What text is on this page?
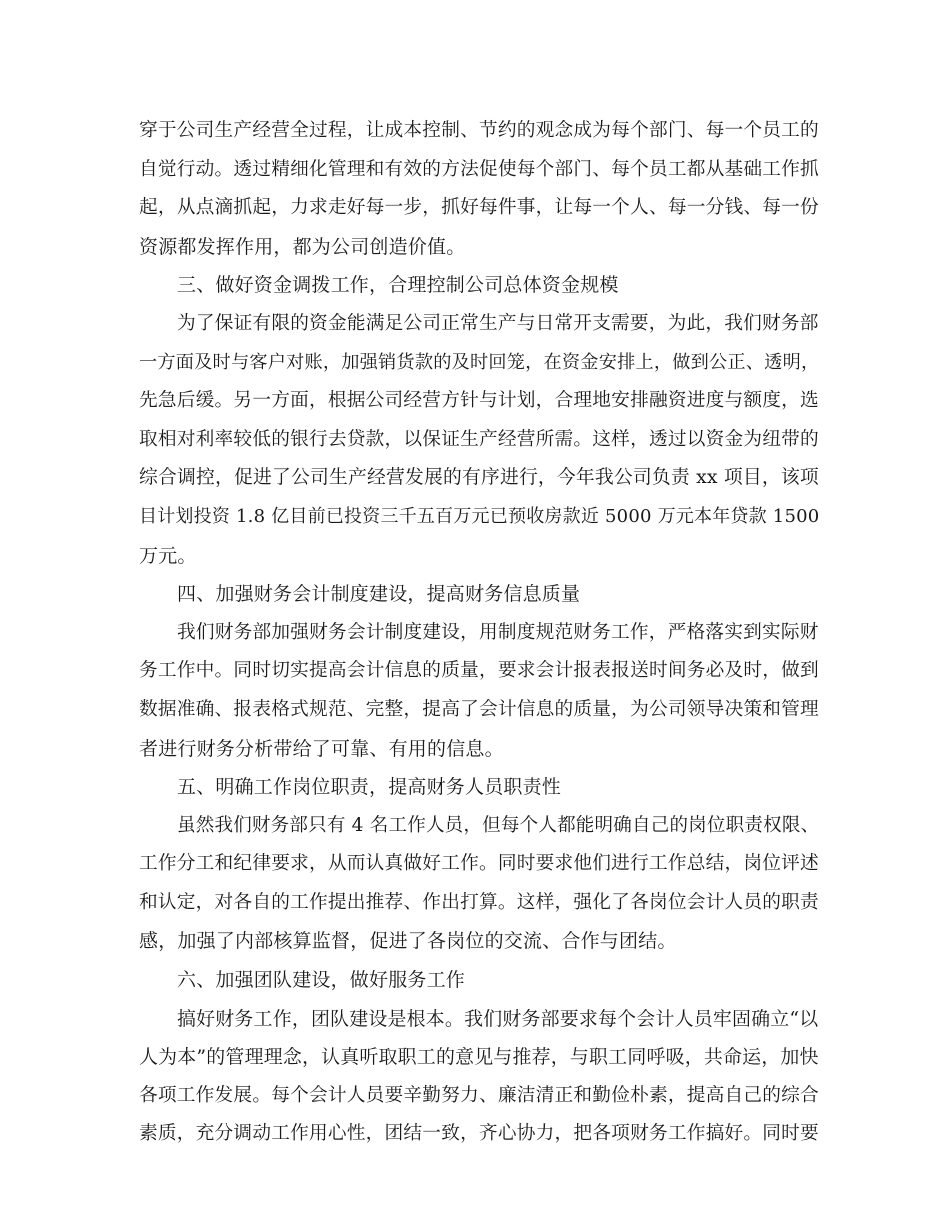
穿于公司生产经营全过程，让成本控制、节约的观念成为每个部门、每一个员工的
自觉行动。透过精细化管理和有效的方法促使每个部门、每个员工都从基础工作抓
起，从点滴抓起，力求走好每一步，抓好每件事，让每一个人、每一分钱、每一份
资源都发挥作用，都为公司创造价值。
三、做好资金调拨工作，合理控制公司总体资金规模
为了保证有限的资金能满足公司正常生产与日常开支需要，为此，我们财务部
一方面及时与客户对账，加强销货款的及时回笼，在资金安排上，做到公正、透明，
先急后缓。另一方面，根据公司经营方针与计划，合理地安排融资进度与额度，选
取相对利率较低的银行去贷款，以保证生产经营所需。这样，透过以资金为纽带的
综合调控，促进了公司生产经营发展的有序进行，今年我公司负责 xx 项目，该项
目计划投资 1.8 亿目前已投资三千五百万元已预收房款近 5000 万元本年贷款 1500
万元。
四、加强财务会计制度建设，提高财务信息质量
我们财务部加强财务会计制度建设，用制度规范财务工作，严格落实到实际财
务工作中。同时切实提高会计信息的质量，要求会计报表报送时间务必及时，做到
数据准确、报表格式规范、完整，提高了会计信息的质量，为公司领导决策和管理
者进行财务分析带给了可靠、有用的信息。
五、明确工作岗位职责，提高财务人员职责性
虽然我们财务部只有 4 名工作人员，但每个人都能明确自己的岗位职责权限、
工作分工和纪律要求，从而认真做好工作。同时要求他们进行工作总结，岗位评述
和认定，对各自的工作提出推荐、作出打算。这样，强化了各岗位会计人员的职责
感，加强了内部核算监督，促进了各岗位的交流、合作与团结。
六、加强团队建设，做好服务工作
搞好财务工作，团队建设是根本。我们财务部要求每个会计人员牢固确立“以
人为本”的管理理念，认真听取职工的意见与推荐，与职工同呼吸，共命运，加快
各项工作发展。每个会计人员要辛勤努力、廉洁清正和勤俭朴素，提高自己的综合
素质，充分调动工作用心性，团结一致，齐心协力，把各项财务工作搞好。同时要
